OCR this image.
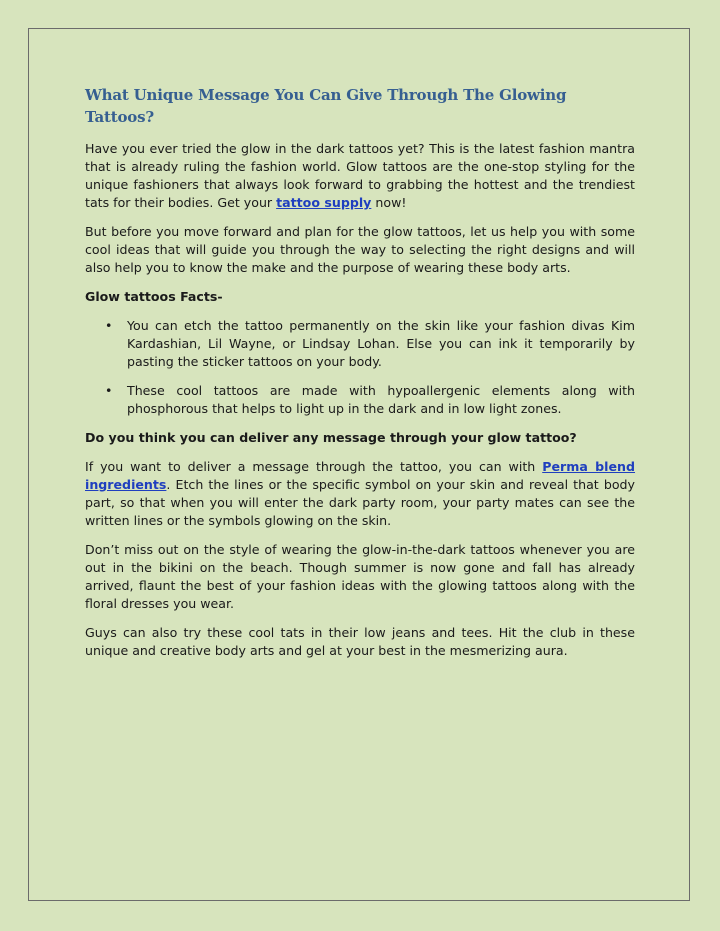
What Unique Message You Can Give Through The Glowing Tattoos?

Have you ever tried the glow in the dark tattoos yet? This is the latest fashion mantra that is already ruling the fashion world. Glow tattoos are the one-stop styling for the unique fashioners that always look forward to grabbing the hottest and the trendiest tats for their bodies. Get your tattoo supply now!

But before you move forward and plan for the glow tattoos, let us help you with some cool ideas that will guide you through the way to selecting the right designs and will also help you to know the make and the purpose of wearing these body arts.

Glow tattoos Facts-

• You can etch the tattoo permanently on the skin like your fashion divas Kim Kardashian, Lil Wayne, or Lindsay Lohan. Else you can ink it temporarily by pasting the sticker tattoos on your body.
• These cool tattoos are made with hypoallergenic elements along with phosphorous that helps to light up in the dark and in low light zones.

Do you think you can deliver any message through your glow tattoo?

If you want to deliver a message through the tattoo, you can with Perma blend ingredients. Etch the lines or the specific symbol on your skin and reveal that body part, so that when you will enter the dark party room, your party mates can see the written lines or the symbols glowing on the skin.

Don’t miss out on the style of wearing the glow-in-the-dark tattoos whenever you are out in the bikini on the beach. Though summer is now gone and fall has already arrived, flaunt the best of your fashion ideas with the glowing tattoos along with the floral dresses you wear.

Guys can also try these cool tats in their low jeans and tees. Hit the club in these unique and creative body arts and gel at your best in the mesmerizing aura.
